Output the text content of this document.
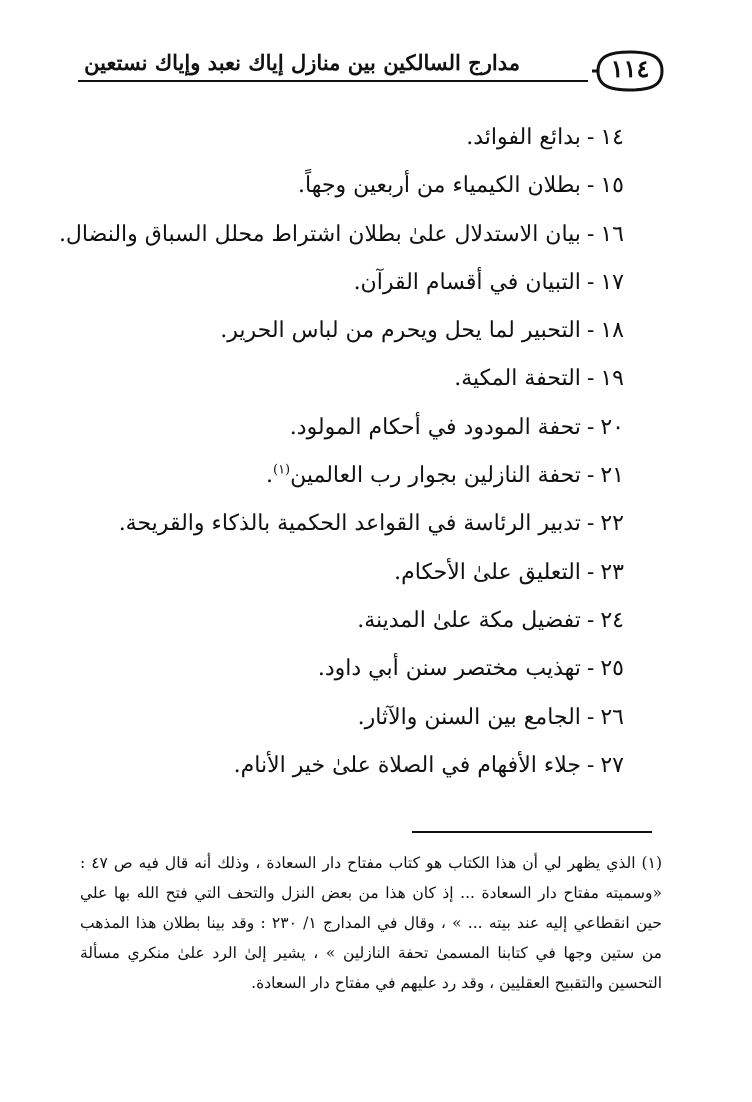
مدارج السالكين بين منازل إياك نعبد وإياك نستعين	١١٤
١٤-بدائع الفوائد.
١٥-بطلان الكيمياء من أربعين وجهاً.
١٦-بيان الاستدلال علىٰ بطلان اشتراط محلل السباق والنضال.
١٧-التبيان في أقسام القرآن.
١٨-التحبير لما يحل ويحرم من لباس الحرير.
١٩-التحفة المكية.
٢٠-تحفة المودود في أحكام المولود.
٢١-تحفة النازلين بجوار رب العالمين$^{(١)}$.
٢٢-تدبير الرئاسة في القواعد الحكمية بالذكاء والقريحة.
٢٣-التعليق علىٰ الأحكام.
٢٤-تفضيل مكة علىٰ المدينة.
٢٥-تهذيب مختصر سنن أبي داود.
٢٦-الجامع بين السنن والآثار.
٢٧-جلاء الأفهام في الصلاة علىٰ خير الأنام.
(١) الذي يظهر لي أن هذا الكتاب هو كتاب مفتاح دار السعادة ، وذلك أنه قال فيه ص ٤٧ :
«وسميته مفتاح دار السعادة ... إذ كان هذا من بعض النزل والتحف التي فتح الله بها علي
حين انقطاعي إليه عند بيته ... » ، وقال في المدارج ١/ ٢٣٠ : وقد بينا بطلان هذا المذهب
من ستين وجها في كتابنا المسمىٰ تحفة النازلين » ، يشير إلىٰ الرد علىٰ منكري مسألة
التحسين والتقبيح العقليين ، وقد رد عليهم في مفتاح دار السعادة.
